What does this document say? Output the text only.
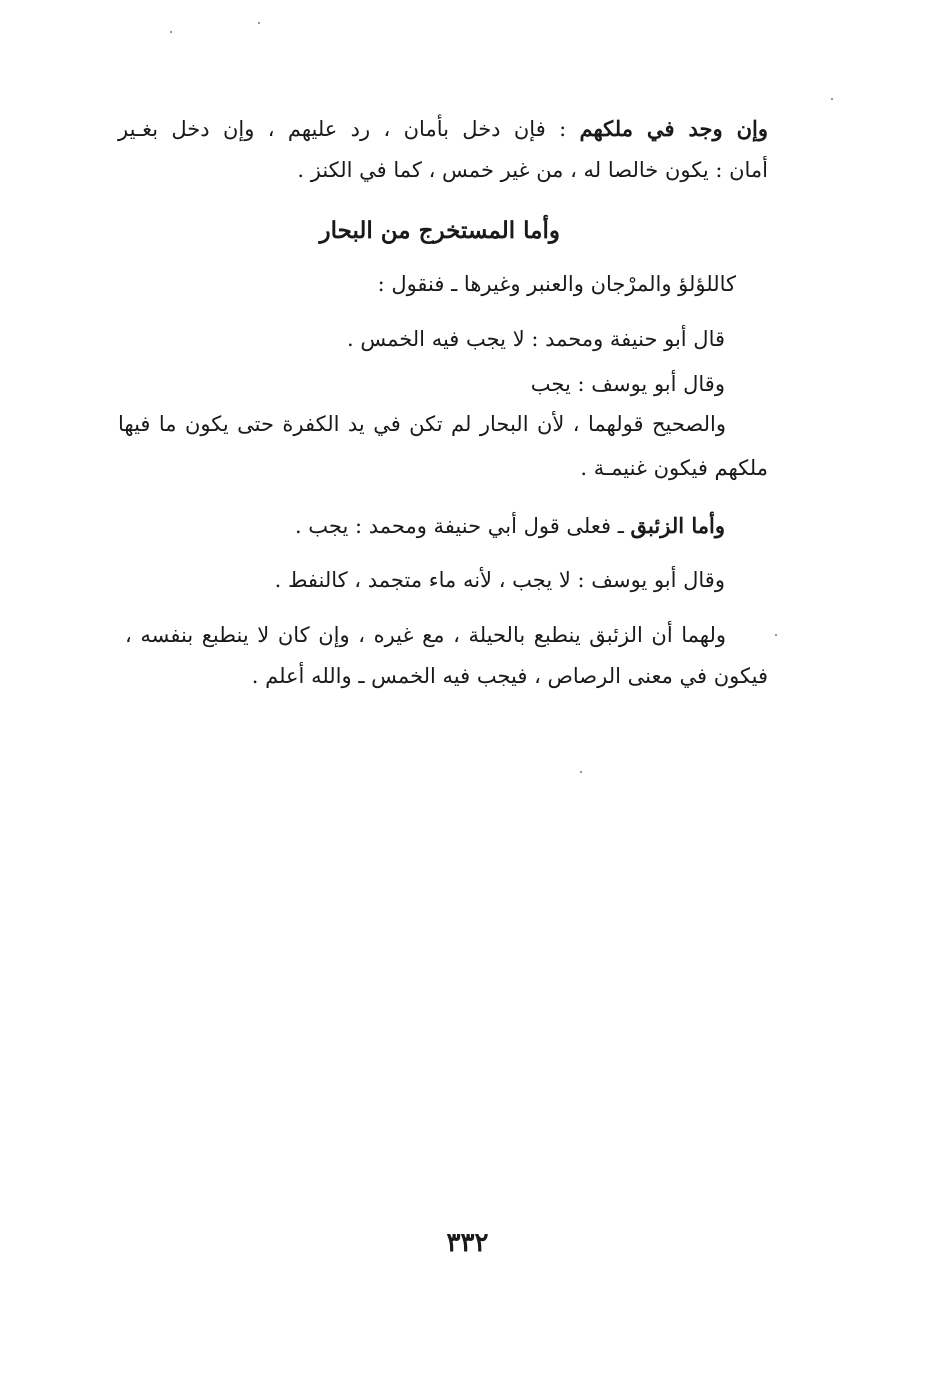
وإن وجد في ملكهم : فإن دخل بأمان ، رد عليهم ، وإن دخل بغـير
أمان : يكون خالصا له ، من غير خمس ، كما في الكنز .
وأما المستخرج من البحار
كاللؤلؤ والمرْجان والعنبر وغيرها ـ فنقول :
قال أبو حنيفة ومحمد : لا يجب فيه الخمس .
وقال أبو يوسف : يجب
والصحيح قولهما ، لأن البحار لم تكن في يد الكفرة حتى يكون ما فيها
ملكهم فيكون غنيمـة .
وأما الزئبق ـ فعلى قول أبي حنيفة ومحمد : يجب .
وقال أبو يوسف : لا يجب ، لأنه ماء متجمد ، كالنفط .
ولهما أن الزئبق ينطبع بالحيلة ، مع غيره ، وإن كان لا ينطبع بنفسه ،
فيكون في معنى الرصاص ، فيجب فيه الخمس ـ والله أعلم .
٣٣٢
